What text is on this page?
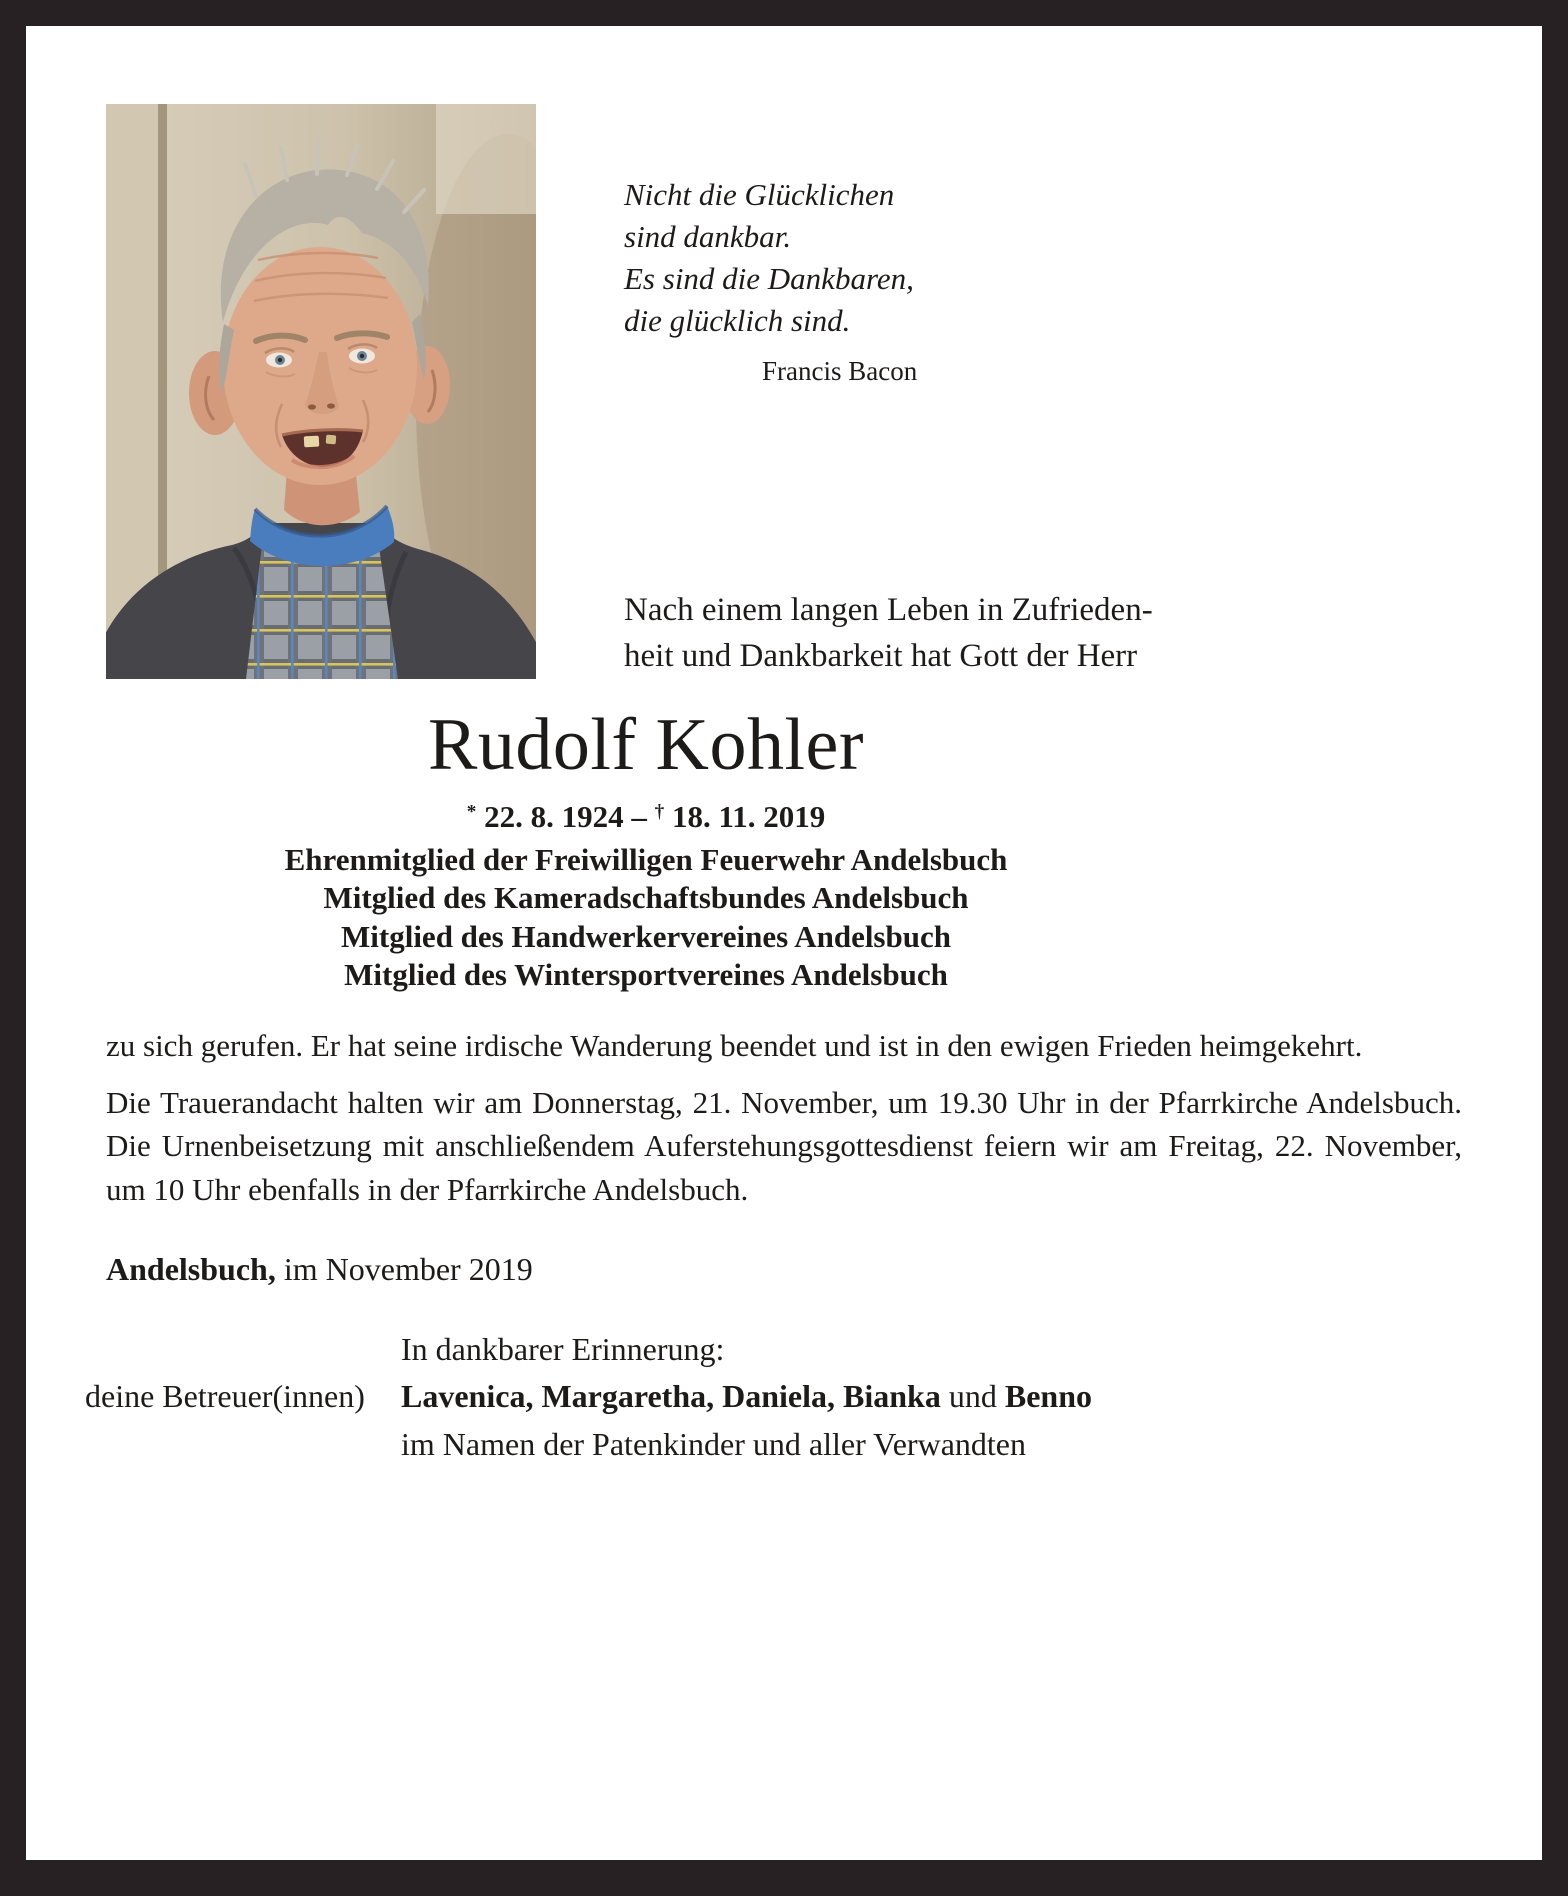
Nicht die Glücklichen
sind dankbar.
Es sind die Dankbaren,
die glücklich sind.
Francis Bacon
Nach einem langen Leben in Zufrieden-
heit und Dankbarkeit hat Gott der Herr
Rudolf Kohler
* 22. 8. 1924 – † 18. 11. 2019
Ehrenmitglied der Freiwilligen Feuerwehr Andelsbuch
Mitglied des Kameradschaftsbundes Andelsbuch
Mitglied des Handwerkervereines Andelsbuch
Mitglied des Wintersportvereines Andelsbuch

zu sich gerufen. Er hat seine irdische Wanderung beendet und ist in den ewigen Frieden heimgekehrt.

Die Trauerandacht halten wir am Donnerstag, 21. November, um 19.30 Uhr in der Pfarrkirche Andelsbuch. Die Urnenbeisetzung mit anschließendem Auferstehungsgottesdienst feiern wir am Freitag, 22. November, um 10 Uhr ebenfalls in der Pfarrkirche Andelsbuch.

Andelsbuch, im November 2019
In dankbarer Erinnerung:
deine Betreuer(innen)	Lavenica, Margaretha, Daniela, Bianka und Benno
im Namen der Patenkinder und aller Verwandten
